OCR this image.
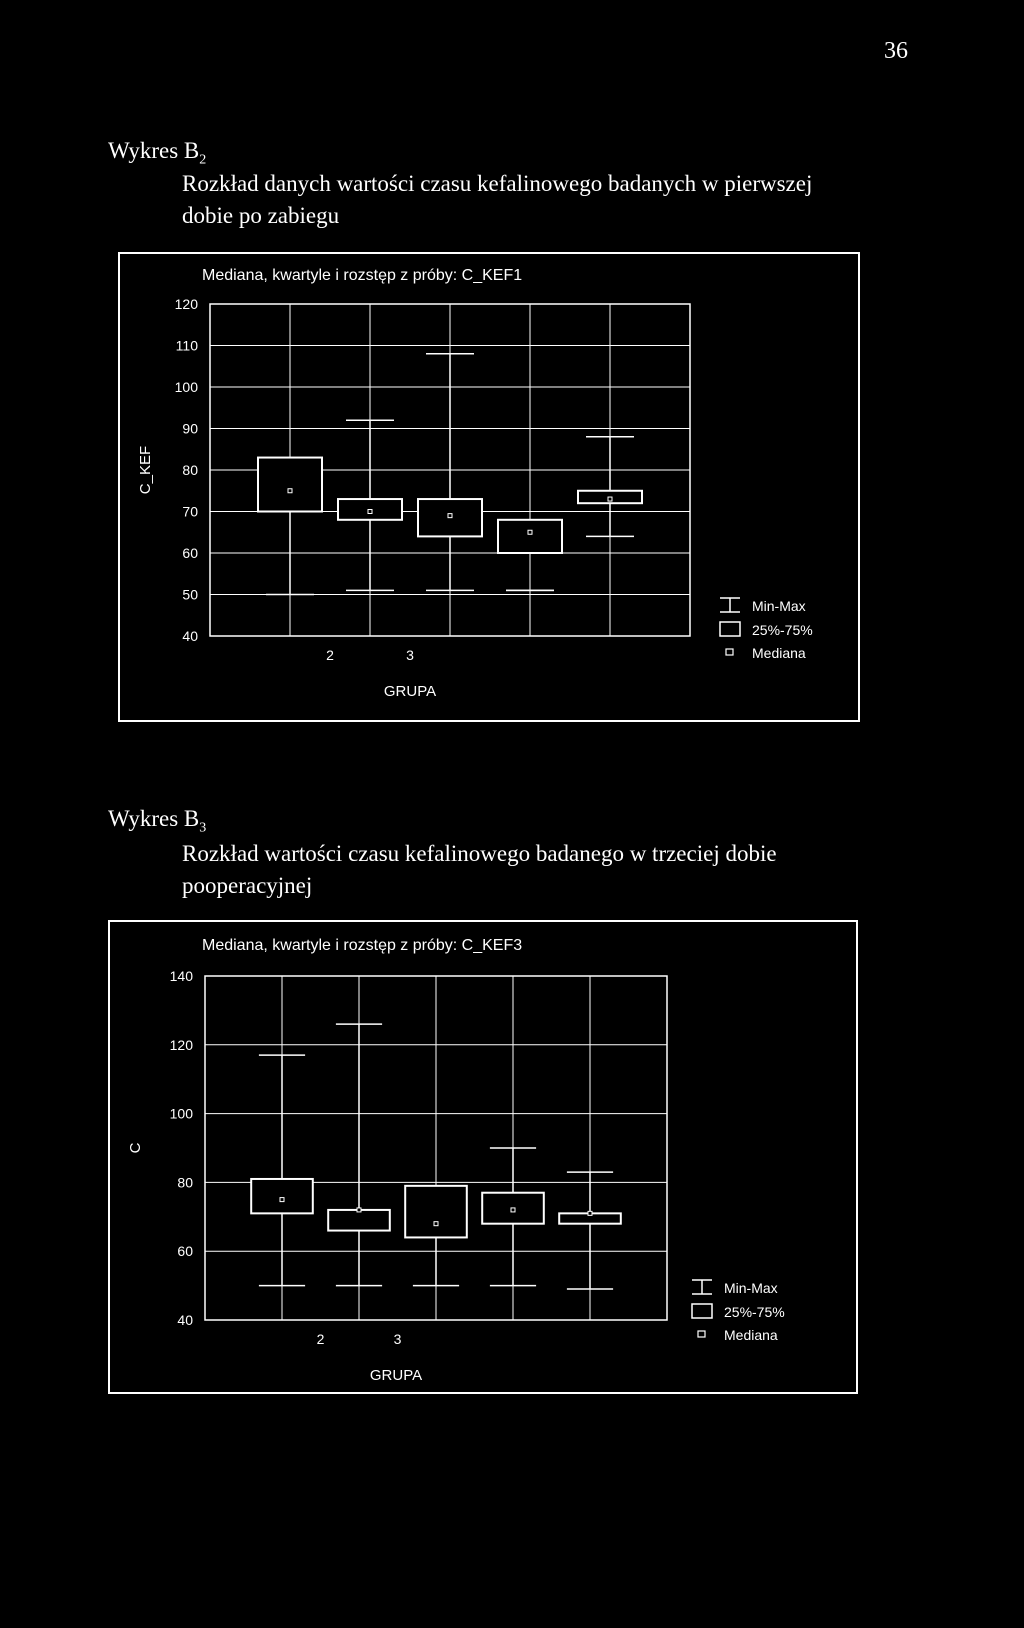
36
Wykres $B_2$
Rozkład danych wartości czasu kefalinowego badanych w pierwszej
dobie po zabiegu
Mediana, kwartyle i rozstęp z próby: C_KEF1
40
50
60
70
80
90
100
110
120
2	3
GRUPA
C_KEF
Min-Max
25%-75%
Mediana
Wykres $B_3$
Rozkład wartości czasu kefalinowego badanego w trzeciej dobie
pooperacyjnej
Mediana, kwartyle i rozstęp z próby: C_KEF3
40
60
80
100
120
140
2	3
GRUPA
C
Min-Max
25%-75%
Mediana
